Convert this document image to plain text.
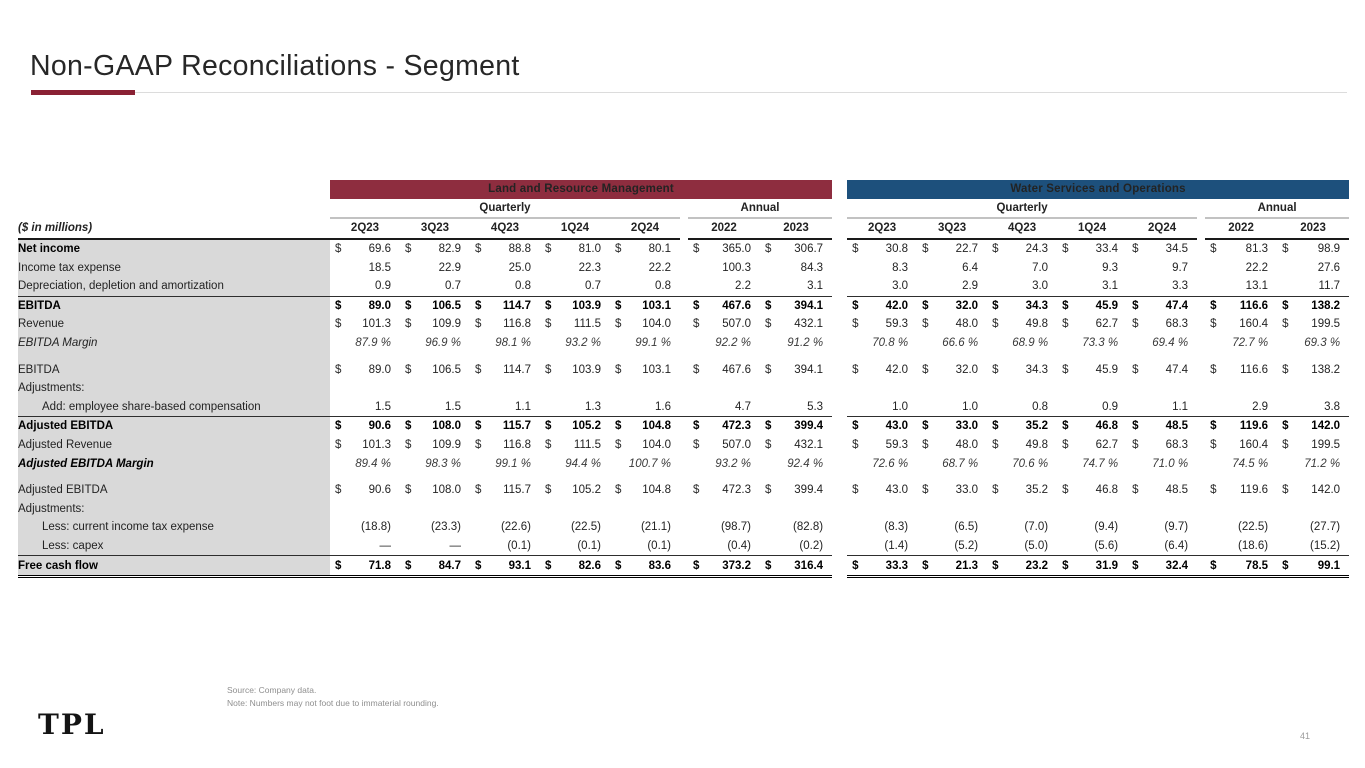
Non-GAAP Reconciliations - Segment
	Land and Resource Management									Water Services and Operations							
	Quarterly						Annual			Quarterly						Annual	
($ in millions)	2Q23	3Q23	4Q23	1Q24	2Q24		2022	2023		2Q23	3Q23	4Q23	1Q24	2Q24		2022	2023
Net income	$ 69.6	$ 82.9	$ 88.8	$ 81.0	$ 80.1		$ 365.0	$ 306.7		$ 30.8	$ 22.7	$ 24.3	$ 33.4	$ 34.5		$ 81.3	$ 98.9

Income tax expense	18.5	22.9	25.0	22.3	22.2		100.3	84.3		8.3	6.4	7.0	9.3	9.7		22.2	27.6

Depreciation, depletion and amortization	0.9	0.7	0.8	0.7	0.8		2.2	3.1		3.0	2.9	3.0	3.1	3.3		13.1	11.7

EBITDA	$ 89.0	$ 106.5	$ 114.7	$ 103.9	$ 103.1		$ 467.6	$ 394.1		$ 42.0	$ 32.0	$ 34.3	$ 45.9	$ 47.4		$ 116.6	$ 138.2

Revenue	$ 101.3	$ 109.9	$ 116.8	$ 111.5	$ 104.0		$ 507.0	$ 432.1		$ 59.3	$ 48.0	$ 49.8	$ 62.7	$ 68.3		$ 160.4	$ 199.5

EBITDA Margin	87.9 %	96.9 %	98.1 %	93.2 %	99.1 %		92.2 %	91.2 %		70.8 %	66.6 %	68.9 %	73.3 %	69.4 %		72.7 %	69.3 %

EBITDA	$ 89.0	$ 106.5	$ 114.7	$ 103.9	$ 103.1		$ 467.6	$ 394.1		$ 42.0	$ 32.0	$ 34.3	$ 45.9	$ 47.4		$ 116.6	$ 138.2

Adjustments:																	
Add: employee share-based compensation	1.5	1.5	1.1	1.3	1.6		4.7	5.3		1.0	1.0	0.8	0.9	1.1		2.9	3.8

Adjusted EBITDA	$ 90.6	$ 108.0	$ 115.7	$ 105.2	$ 104.8		$ 472.3	$ 399.4		$ 43.0	$ 33.0	$ 35.2	$ 46.8	$ 48.5		$ 119.6	$ 142.0

Adjusted Revenue	$ 101.3	$ 109.9	$ 116.8	$ 111.5	$ 104.0		$ 507.0	$ 432.1		$ 59.3	$ 48.0	$ 49.8	$ 62.7	$ 68.3		$ 160.4	$ 199.5

Adjusted EBITDA Margin	89.4 %	98.3 %	99.1 %	94.4 %	100.7 %		93.2 %	92.4 %		72.6 %	68.7 %	70.6 %	74.7 %	71.0 %		74.5 %	71.2 %

Adjusted EBITDA	$ 90.6	$ 108.0	$ 115.7	$ 105.2	$ 104.8		$ 472.3	$ 399.4		$ 43.0	$ 33.0	$ 35.2	$ 46.8	$ 48.5		$ 119.6	$ 142.0

Adjustments:																	
Less: current income tax expense	(18.8)	(23.3)	(22.6)	(22.5)	(21.1)		(98.7)	(82.8)		(8.3)	(6.5)	(7.0)	(9.4)	(9.7)		(22.5)	(27.7)

Less: capex	—	—	(0.1)	(0.1)	(0.1)		(0.4)	(0.2)		(1.4)	(5.2)	(5.0)	(5.6)	(6.4)		(18.6)	(15.2)

Free cash flow	$ 71.8	$ 84.7	$ 93.1	$ 82.6	$ 83.6		$ 373.2	$ 316.4		$ 33.3	$ 21.3	$ 23.2	$ 31.9	$ 32.4		$ 78.5	$ 99.1
Source: Company data.
Note: Numbers may not foot due to immaterial rounding.
TPL	41
